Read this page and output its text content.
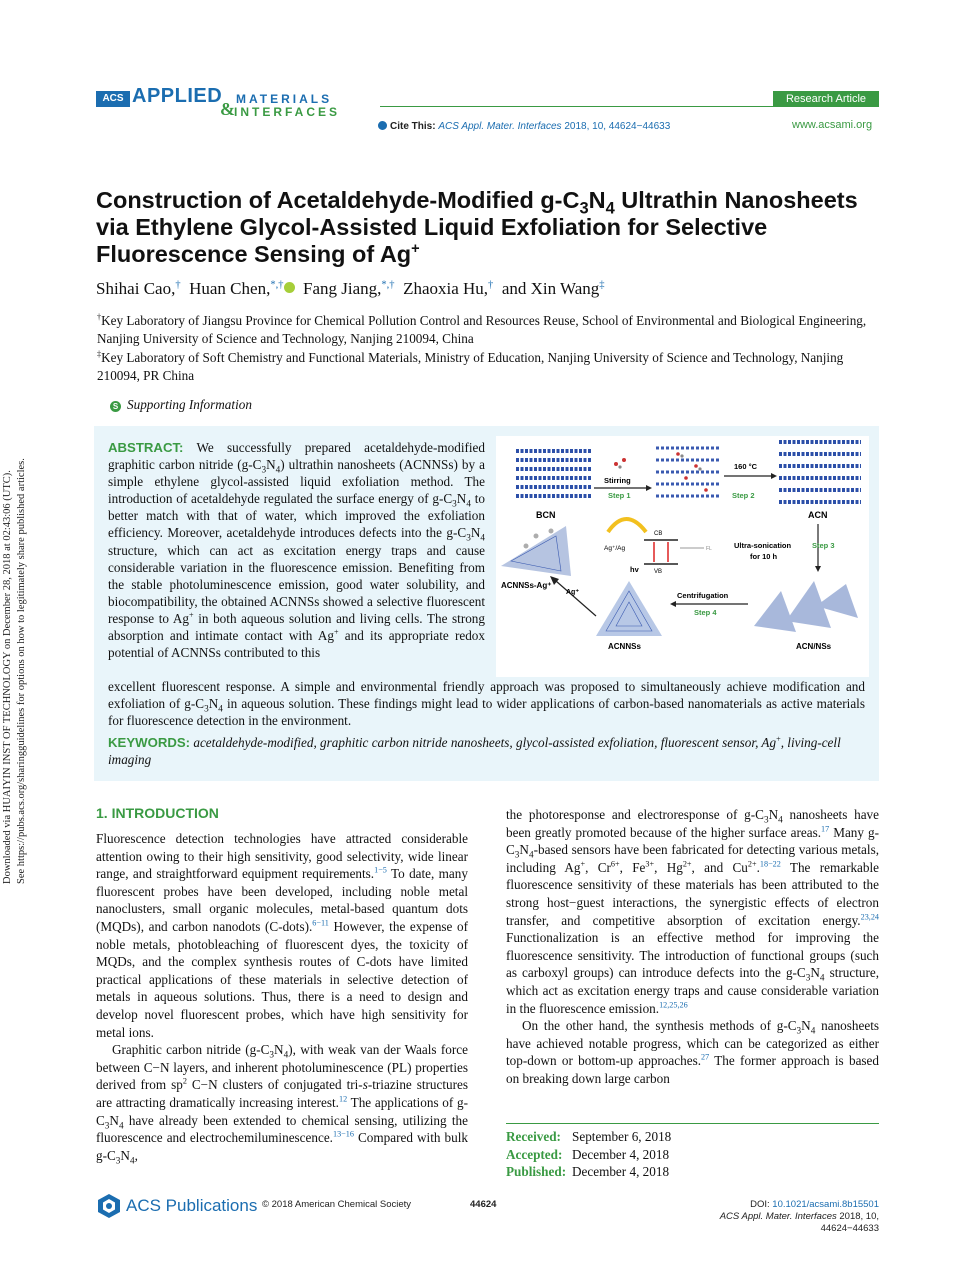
ACS APPLIED MATERIALS
& INTERFACES
Research Article
Cite This: ACS Appl. Mater. Interfaces 2018, 10, 44624−44633	www.acsami.org
Construction of Acetaldehyde-Modified $g-C_3N_4$ Ultrathin Nanosheets via Ethylene Glycol-Assisted Liquid Exfoliation for Selective Fluorescence Sensing of Ag+
Shihai Cao,† Huan Chen,*,† Fang Jiang,*,† Zhaoxia Hu,† and Xin Wang‡
†Key Laboratory of Jiangsu Province for Chemical Pollution Control and Resources Reuse, School of Environmental and Biological Engineering, Nanjing University of Science and Technology, Nanjing 210094, China
‡Key Laboratory of Soft Chemistry and Functional Materials, Ministry of Education, Nanjing University of Science and Technology, Nanjing 210094, PR China
S Supporting Information
ABSTRACT: We successfully prepared acetaldehyde-modified graphitic carbon nitride $(g-C_3N_4)$ ultrathin nanosheets (ACNNSs) by a simple ethylene glycol-assisted liquid exfoliation method. The introduction of acetaldehyde regulated the surface energy of $g-C_3N_4$ to better match with that of water, which improved the exfoliation efficiency. Moreover, acetaldehyde introduces defects into the $g-C_3N_4$ structure, which can act as excitation energy traps and cause considerable variation in the fluorescence emission. Benefiting from the stable photoluminescence emission, good water solubility, and biocompatibility, the obtained ACNNSs showed a selective fluorescent response to Ag+ in both aqueous solution and living cells. The strong absorption and intimate contact with Ag+ and its appropriate redox potential of ACNNSs contributed to this
excellent fluorescent response. A simple and environmental friendly approach was proposed to simultaneously achieve modification and exfoliation of $g-C_3N_4$ in aqueous solution. These findings might lead to wider applications of carbon-based nanomaterials as active materials for fluorescence detection in the environment.
KEYWORDS: acetaldehyde-modified, graphitic carbon nitride nanosheets, glycol-assisted exfoliation, fluorescent sensor, Ag+, living-cell imaging
BCN
Stirring
Step 1
160 °C
Step 2
ACN
Ultra-sonication
for 10 h
Step 3
ACNNSs-Ag⁺
CB
VB
Ag⁺/Ag
hv
FL
ACN/NSs
Centrifugation
Step 4
ACNNSs
Ag⁺
Downloaded via HUAIYIN INST OF TECHNOLOGY on December 28, 2018 at 02:43:06 (UTC). See https://pubs.acs.org/sharingguidelines for options on how to legitimately share published articles.	1. INTRODUCTION

Fluorescence detection technologies have attracted considerable attention owing to their high sensitivity, good selectivity, wide linear range, and straightforward equipment requirements.$^{1-5}$ To date, many fluorescent probes have been developed, including noble metal nanoclusters, small organic molecules, metal-based quantum dots (MQDs), and carbon nanodots (C-dots).$^{6-11}$ However, the expense of noble metals, photobleaching of fluorescent dyes, the toxicity of MQDs, and the complex synthesis routes of C-dots have limited practical applications of these materials in selective detection of metals in aqueous solutions. Thus, there is a need to design and develop novel fluorescent probes, which have high sensitivity for metal ions.

Graphitic carbon nitride $(g-C_3N_4)$, with weak van der Waals force between C−N layers, and inherent photoluminescence (PL) properties derived from $sp^2$ C−N clusters of conjugated tri-s-triazine structures are attracting dramatically increasing interest.$^{12}$ The applications of $g-C_3N_4$ have already been extended to chemical sensing, utilizing the fluorescence and electrochemiluminescence.$^{13-16}$ Compared with bulk $g-C_3N_4$,

the photoresponse and electroresponse of $g-C_3N_4$ nanosheets have been greatly promoted because of the higher surface areas.$^{17}$ Many $g-C_3N_4$-based sensors have been fabricated for detecting various metals, including Ag+, $Cr^{6+}$, $Fe^{3+}$, $Hg^{2+}$, and $Cu^{2+}.^{18-22}$ The remarkable fluorescence sensitivity of these materials has been attributed to the strong host−guest interactions, the synergistic effects of electron transfer, and competitive absorption of excitation energy.$^{23,24}$ Functionalization is an effective method for improving the fluorescence sensitivity. The introduction of functional groups (such as carboxyl groups) can introduce defects into the $g-C_3N_4$ structure, which act as excitation energy traps and cause considerable variation in the fluorescence emission.$^{12,25,26}$

On the other hand, the synthesis methods of $g-C_3N_4$ nanosheets have achieved notable progress, which can be categorized as either top-down or bottom-up approaches.$^{27}$ The former approach is based on breaking down large carbon

Received: September 6, 2018
Accepted: December 4, 2018
Published: December 4, 2018
ACS Publications © 2018 American Chemical Society	44624	DOI: 10.1021/acsami.8b15501
ACS Appl. Mater. Interfaces 2018, 10, 44624−44633
